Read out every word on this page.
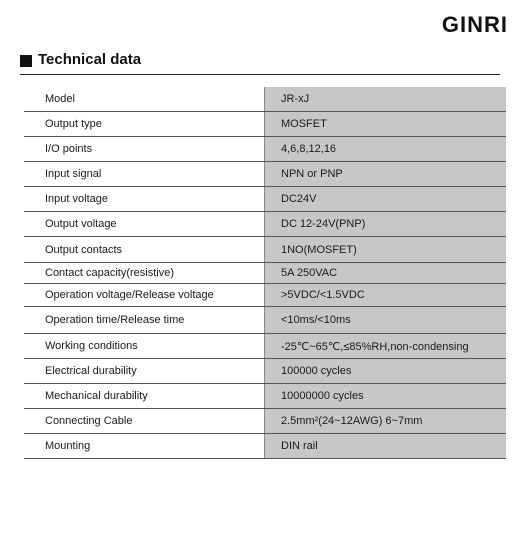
GINRI
Technical data
Model	JR-xJ
Output type	MOSFET
I/O points	4,6,8,12,16
Input signal	NPN or PNP
Input voltage	DC24V
Output voltage	DC 12-24V(PNP)
Output contacts	1NO(MOSFET)
Contact capacity(resistive)	5A 250VAC
Operation voltage/Release voltage	>5VDC/<1.5VDC
Operation time/Release time	<10ms/<10ms
Working conditions	-25℃~65℃,≤85%RH,non-condensing
Electrical durability	100000 cycles
Mechanical durability	10000000 cycles
Connecting Cable	2.5mm²(24~12AWG) 6~7mm
Mounting	DIN rail
